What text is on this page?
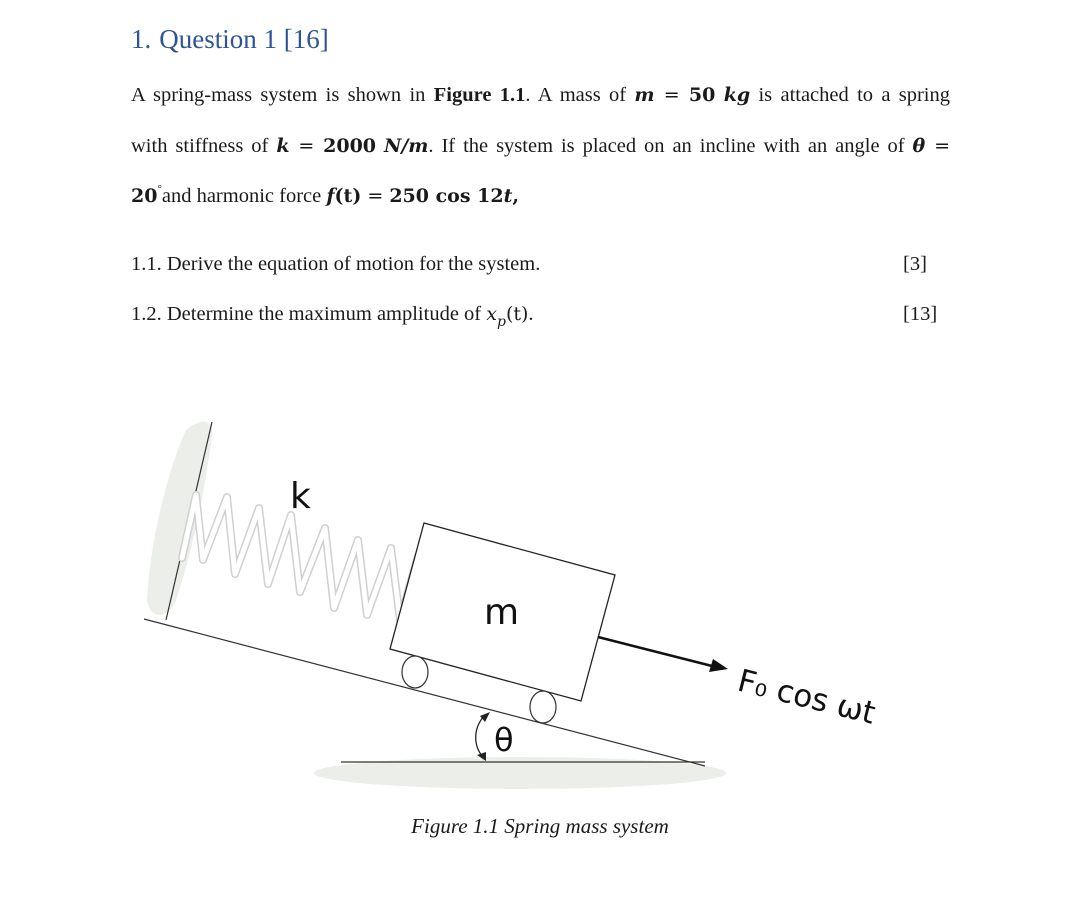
1. Question 1 [16]
A spring-mass system is shown in Figure 1.1. A mass of m = 50 kg is attached to a spring
with stiffness of k = 2000 N/m. If the system is placed on an incline with an angle of θ =
20°and harmonic force f(t) = 250 cos 12t,
1.1. Derive the equation of motion for the system.	[3]
1.2. Determine the maximum amplitude of $x_p(t)$.	[13]
k
m
θ
F₀ cos ωt
Figure 1.1 Spring mass system
